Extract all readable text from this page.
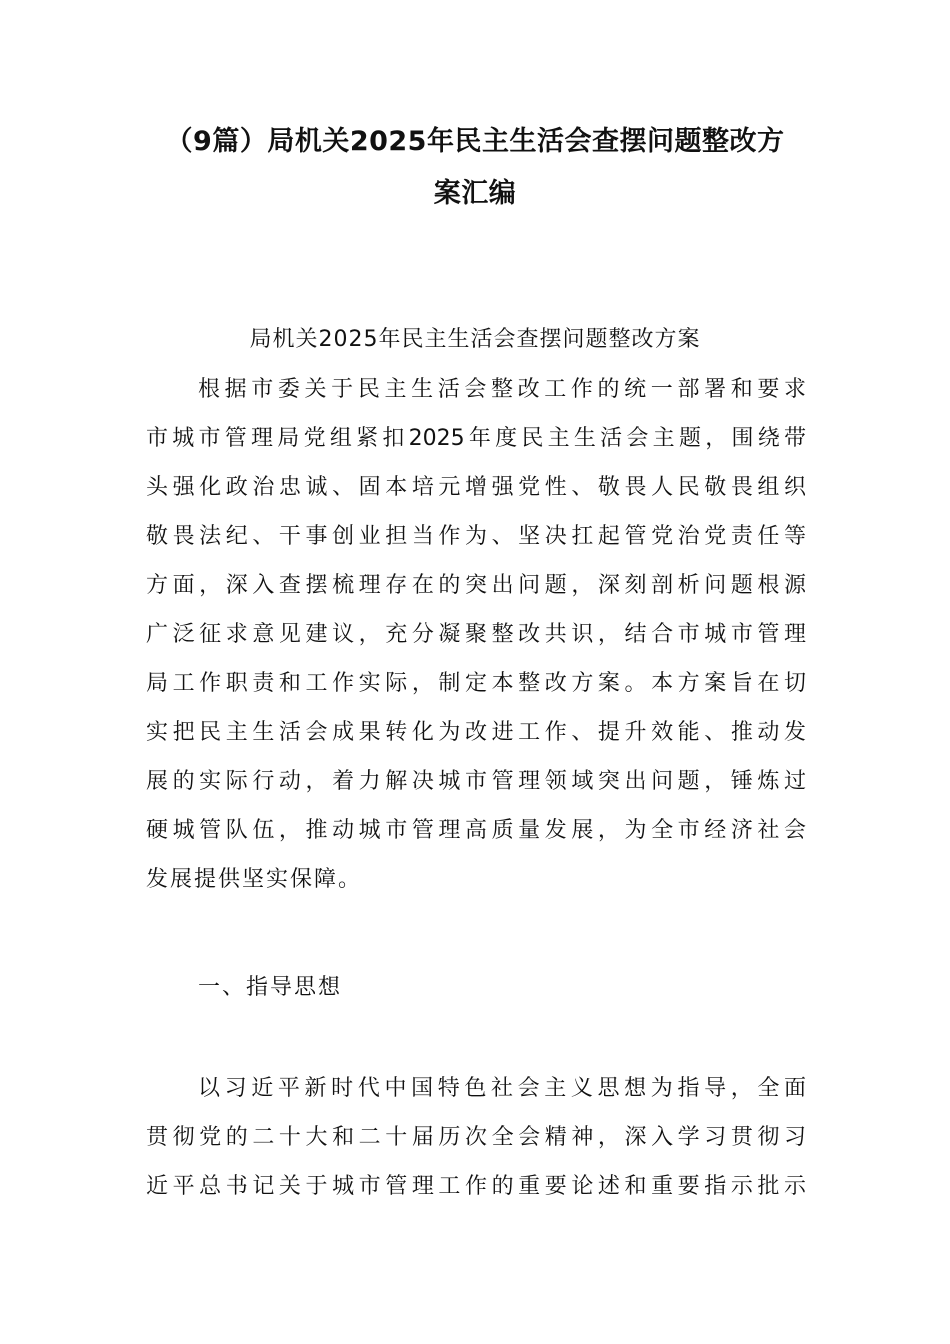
（9篇）局机关2025年民主生活会查摆问题整改方
案汇编
局机关2025年民主生活会查摆问题整改方案
根据市委关于民主生活会整改工作的统一部署和要求
市城市管理局党组紧扣2025年度民主生活会主题，围绕带
头强化政治忠诚、固本培元增强党性、敬畏人民敬畏组织
敬畏法纪、干事创业担当作为、坚决扛起管党治党责任等
方面，深入查摆梳理存在的突出问题，深刻剖析问题根源
广泛征求意见建议，充分凝聚整改共识，结合市城市管理
局工作职责和工作实际，制定本整改方案。本方案旨在切
实把民主生活会成果转化为改进工作、提升效能、推动发
展的实际行动，着力解决城市管理领域突出问题，锤炼过
硬城管队伍，推动城市管理高质量发展，为全市经济社会
发展提供坚实保障。
一、指导思想
以习近平新时代中国特色社会主义思想为指导，全面
贯彻党的二十大和二十届历次全会精神，深入学习贯彻习
近平总书记关于城市管理工作的重要论述和重要指示批示
